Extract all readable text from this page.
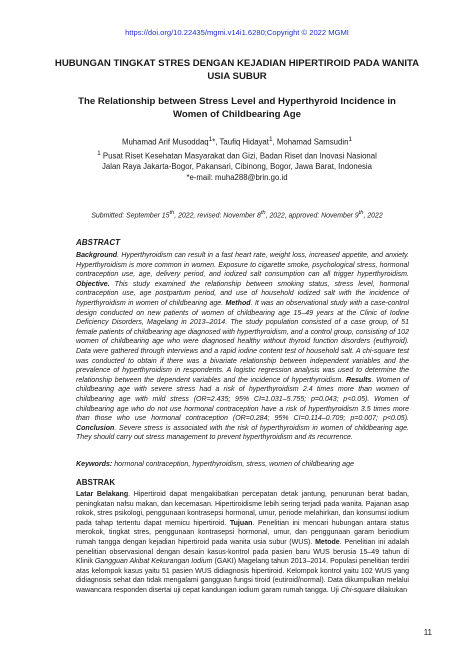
https://doi.org/10.22435/mgmi.v14i1.6280;Copyright © 2022 MGMI
HUBUNGAN TINGKAT STRES DENGAN KEJADIAN HIPERTIROID PADA WANITA
USIA SUBUR
The Relationship between Stress Level and Hyperthyroid Incidence in
Women of Childbearing Age
Muhamad Arif Musoddaq$^1$*, Taufiq Hidayat$^1$, Mohamad Samsudin$^1$
$^1$ Pusat Riset Kesehatan Masyarakat dan Gizi, Badan Riset dan Inovasi Nasional
Jalan Raya Jakarta-Bogor, Pakansari, Cibinong, Bogor, Jawa Barat, Indonesia
*e-mail: muha288@brin.go.id
Submitted: September 15th, 2022, revised: November 8th, 2022, approved: November 9th, 2022
ABSTRACT
Background. Hyperthyroidism can result in a fast heart rate, weight loss, increased appetite, and anxiety. Hyperthyroidism is more common in women. Exposure to cigarette smoke, psychological stress, hormonal contraception use, age, delivery period, and iodized salt consumption can all trigger hyperthyroidism. Objective. This study examined the relationship between smoking status, stress level, hormonal contraception use, age postpartum period, and use of household iodized salt with the incidence of hyperthyroidism in women of childbearing age. Method. It was an observational study with a case-control design conducted on new patients of women of childbearing age 15–49 years at the Clinic of Iodine Deficiency Disorders, Magelang in 2013–2014. The study population consisted of a case group, of 51 female patients of childbearing age diagnosed with hyperthyroidism, and a control group, consisting of 102 women of childbearing age who were diagnosed healthy without thyroid function disorders (euthyroid). Data were gathered through interviews and a rapid iodine content test of household salt. A chi-square test was conducted to obtain if there was a bivariate relationship between independent variables and the prevalence of hyperthyroidism in respondents. A logistic regression analysis was used to determine the relationship between the dependent variables and the incidence of hyperthyroidism. Results. Women of childbearing age with severe stress had a risk of hyperthyroidism 2.4 times more than women of childbearing age with mild stress (OR=2.435; 95% CI=1.031–5.755; p=0.043; p<0.05). Women of childbearing age who do not use hormonal contraception have a risk of hyperthyroidism 3.5 times more than those who use hormonal contraception (OR=0.284; 95% CI=0.114–0.709; p=0.007; p<0.05). Conclusion. Severe stress is associated with the risk of hyperthyroidism in women of childbearing age. They should carry out stress management to prevent hyperthyroidism and its recurrence.
Keywords: hormonal contraception, hyperthyroidism, stress, women of childbearing age
ABSTRAK
Latar Belakang. Hipertiroid dapat mengakibatkan percepatan detak jantung, penurunan berat badan, peningkatan nafsu makan, dan kecemasan. Hipertiroidisme lebih sering terjadi pada wanita. Pajanan asap rokok, stres psikologi, penggunaan kontrasepsi hormonal, umur, periode melahirkan, dan konsumsi iodium pada tahap tertentu dapat memicu hipertiroid. Tujuan. Penelitian ini mencari hubungan antara status merokok, tingkat stres, penggunaan kontrasepsi hormonal, umur, dan penggunaan garam beriodium rumah tangga dengan kejadian hipertiroid pada wanita usia subur (WUS). Metode. Penelitian ini adalah penelitian observasional dengan desain kasus-kontrol pada pasien baru WUS berusia 15–49 tahun di Klinik Gangguan Akibat Kekurangan Iodium (GAKI) Magelang tahun 2013–2014. Populasi penelitian terdiri atas kelompok kasus yaitu 51 pasien WUS didiagnosis hipertiroid. Kelompok kontrol yaitu 102 WUS yang didiagnosis sehat dan tidak mengalami gangguan fungsi tiroid (eutiroid/normal). Data dikumpulkan melalui wawancara responden disertai uji cepat kandungan iodium garam rumah tangga. Uji Chi-square dilakukan
11
